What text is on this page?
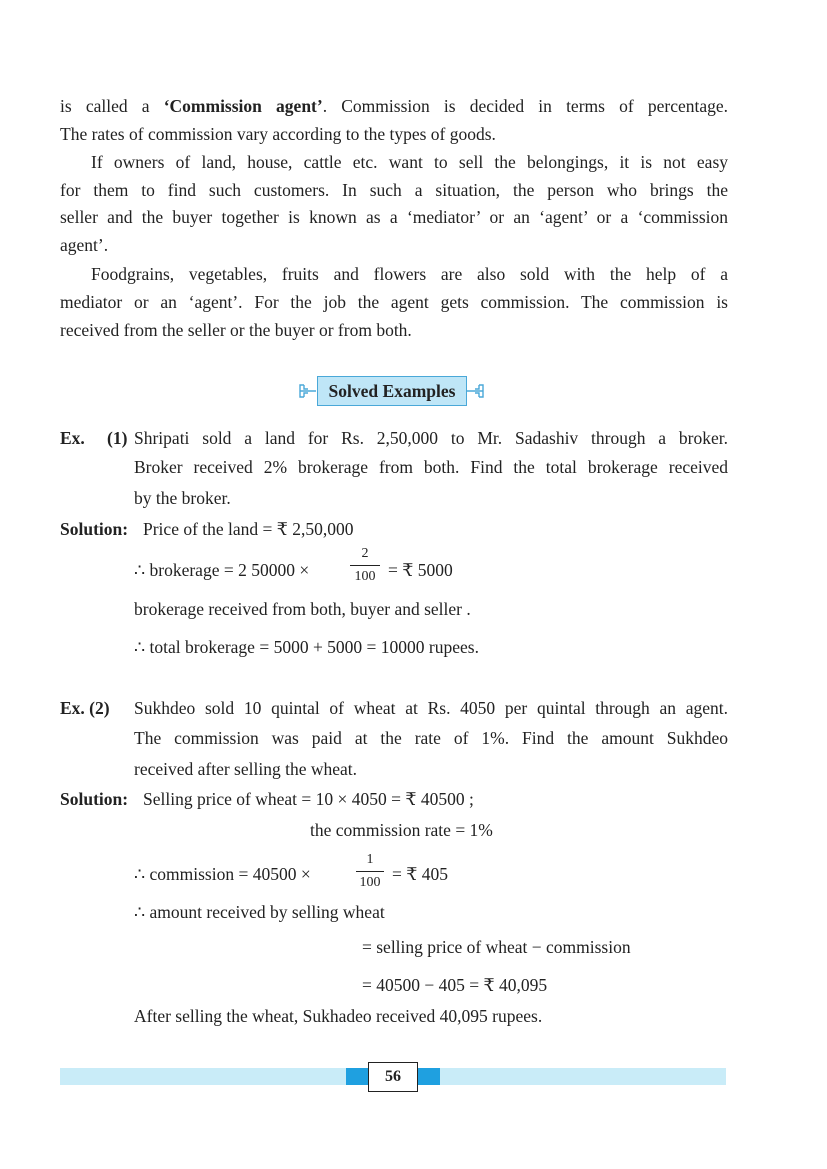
is called a ‘Commission agent’. Commission is decided in terms of percentage.
The rates of commission vary according to the types of goods.
If owners of land, house, cattle etc. want to sell the belongings, it is not easy
for them to find such customers. In such a situation, the person who brings the
seller and the buyer together is known as a ‘mediator’ or an ‘agent’ or a ‘commission
agent’.
Foodgrains, vegetables, fruits and flowers are also sold with the help of a
mediator or an ‘agent’. For the job the agent gets commission. The commission is
received from the seller or the buyer or from both.
Solved Examples
Ex. (1) Shripati sold a land for Rs. 2,50,000 to Mr. Sadashiv through a broker.
Broker received 2% brokerage from both. Find the total brokerage received
by the broker.
Solution: Price of the land = ₹ 2,50,000
∴ brokerage = 2 50000 ×
2
100 = ₹ 5000
brokerage received from both, buyer and seller .
∴ total brokerage = 5000 + 5000 = 10000 rupees.
Ex. (2) Sukhdeo sold 10 quintal of wheat at Rs. 4050 per quintal through an agent.
The commission was paid at the rate of 1%. Find the amount Sukhdeo
received after selling the wheat.
Solution: Selling price of wheat = 10 × 4050 = ₹ 40500 ;
the commission rate = 1%
∴ commission = 40500 ×
1
100 = ₹ 405
∴ amount received by selling wheat
= selling price of wheat − commission
= 40500 − 405 = ₹ 40,095
After selling the wheat, Sukhadeo received 40,095 rupees.
56
